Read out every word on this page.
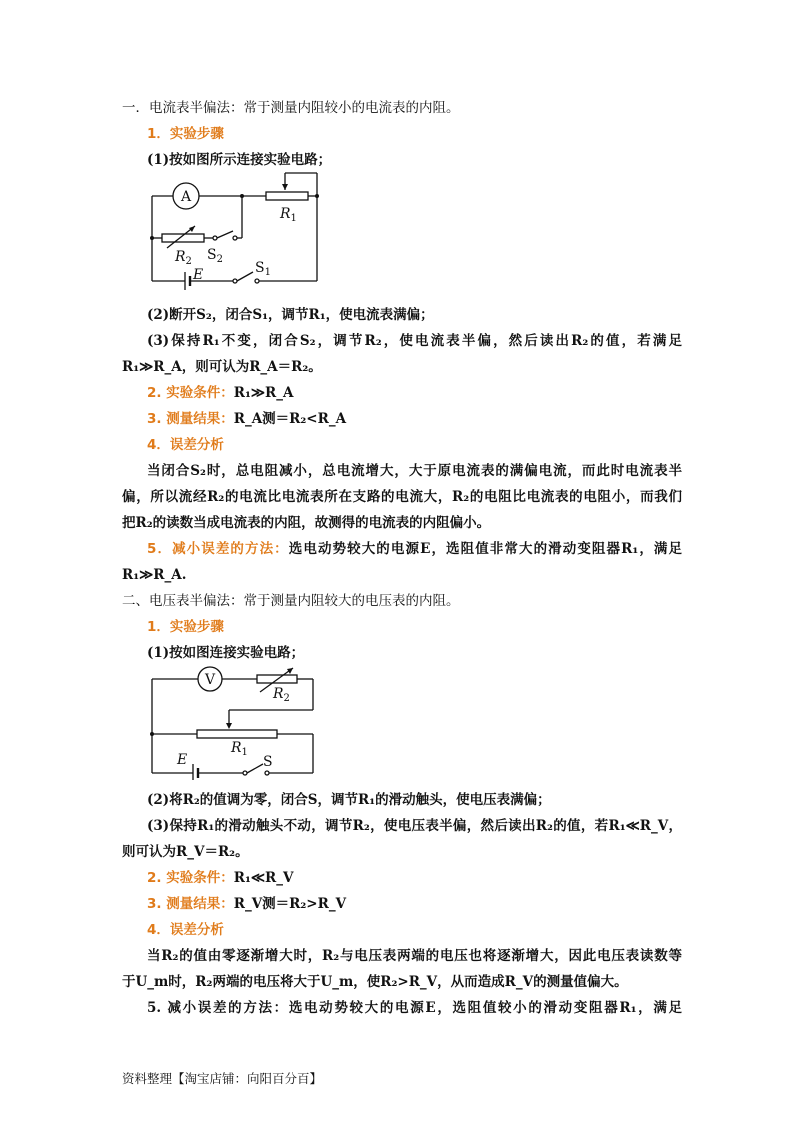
一．电流表半偏法：常于测量内阻较小的电流表的内阻。
1．实验步骤
(1)按如图所示连接实验电路；
A
$R_1$
$R_2$ $S_2$
E	$S_1$
(2)断开S₂，闭合S₁，调节R₁，使电流表满偏；
(3)保持R₁不变，闭合S₂，调节R₂，使电流表半偏，然后读出R₂的值，若满足
R₁≫R_A，则可认为R_A＝R₂。
2. 实验条件：R₁≫R_A
3. 测量结果：R_A测＝R₂<R_A
4．误差分析
当闭合S₂时，总电阻减小，总电流增大，大于原电流表的满偏电流，而此时电流表半
偏，所以流经R₂的电流比电流表所在支路的电流大，R₂的电阻比电流表的电阻小，而我们
把R₂的读数当成电流表的内阻，故测得的电流表的内阻偏小。
5．减小误差的方法：选电动势较大的电源E，选阻值非常大的滑动变阻器R₁，满足
R₁≫R_A.
二、电压表半偏法：常于测量内阻较大的电压表的内阻。
1．实验步骤
(1)按如图连接实验电路；
V
$R_2$
$R_1$
E	S
(2)将R₂的值调为零，闭合S，调节R₁的滑动触头，使电压表满偏；
(3)保持R₁的滑动触头不动，调节R₂，使电压表半偏，然后读出R₂的值，若R₁≪R_V，
则可认为R_V＝R₂。
2. 实验条件：R₁≪R_V
3. 测量结果：R_V测＝R₂>R_V
4．误差分析
当R₂的值由零逐渐增大时，R₂与电压表两端的电压也将逐渐增大，因此电压表读数等
于U_m时，R₂两端的电压将大于U_m，使R₂>R_V，从而造成R_V的测量值偏大。
5. 减小误差的方法：选电动势较大的电源E，选阻值较小的滑动变阻器R₁，满足
资料整理【淘宝店铺：向阳百分百】
